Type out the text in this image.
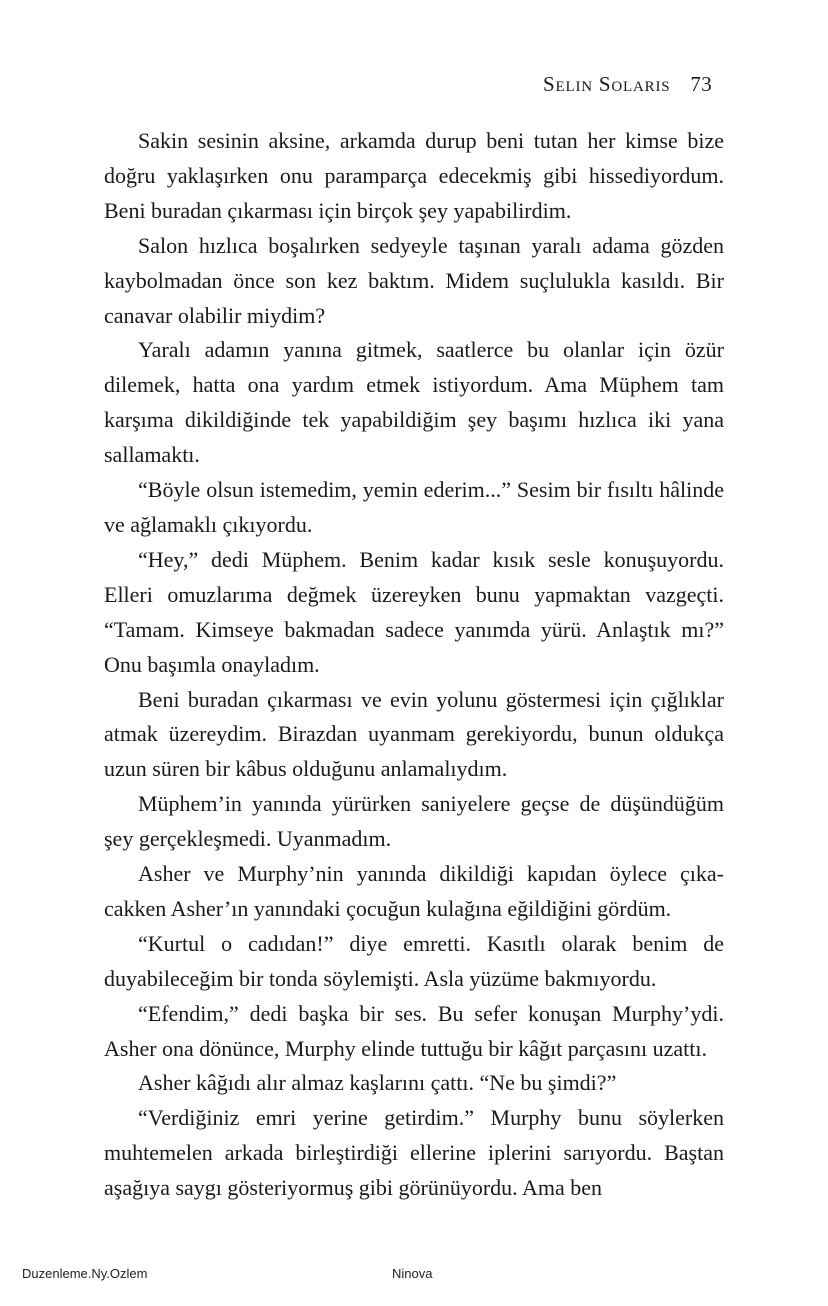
Selin Solaris 73

Sakin sesinin aksine, arkamda durup beni tutan her kimse bize doğru yaklaşırken onu paramparça edecekmiş gibi hissediyordum. Beni buradan çıkarması için birçok şey yapabilirdim.

Salon hızlıca boşalırken sedyeyle taşınan yaralı adama gözden kaybolmadan önce son kez baktım. Midem suçlulukla kasıldı. Bir canavar olabilir miydim?

Yaralı adamın yanına gitmek, saatlerce bu olanlar için özür dilemek, hatta ona yardım etmek istiyordum. Ama Müphem tam karşıma dikildiğinde tek yapabildiğim şey başımı hızlıca iki yana sallamaktı.

“Böyle olsun istemedim, yemin ederim...” Sesim bir fısıltı hâlinde ve ağlamaklı çıkıyordu.

“Hey,” dedi Müphem. Benim kadar kısık sesle konuşuyordu. Elleri omuzlarıma değmek üzereyken bunu yapmaktan vazgeçti. “Tamam. Kimseye bakmadan sadece yanımda yürü. Anlaştık mı?” Onu başımla onayladım.

Beni buradan çıkarması ve evin yolunu göstermesi için çığlıklar atmak üzereydim. Birazdan uyanmam gerekiyordu, bunun oldukça uzun süren bir kâbus olduğunu anlamalıydım.

Müphem’in yanında yürürken saniyelere geçse de düşündüğüm şey gerçekleşmedi. Uyanmadım.

Asher ve Murphy’nin yanında dikildiği kapıdan öylece çıkacakken Asher’ın yanındaki çocuğun kulağına eğildiğini gördüm.

“Kurtul o cadıdan!” diye emretti. Kasıtlı olarak benim de duyabileceğim bir tonda söylemişti. Asla yüzüme bakmıyordu.

“Efendim,” dedi başka bir ses. Bu sefer konuşan Murphy’ydi. Asher ona dönünce, Murphy elinde tuttuğu bir kâğıt parçasını uzattı.

Asher kâğıdı alır almaz kaşlarını çattı. “Ne bu şimdi?”

“Verdiğiniz emri yerine getirdim.” Murphy bunu söylerken muhtemelen arkada birleştirdiği ellerine iplerini sarıyordu. Baştan aşağıya saygı gösteriyormuş gibi görünüyordu. Ama ben

Duzenleme.Ny.Ozlem	Ninova
